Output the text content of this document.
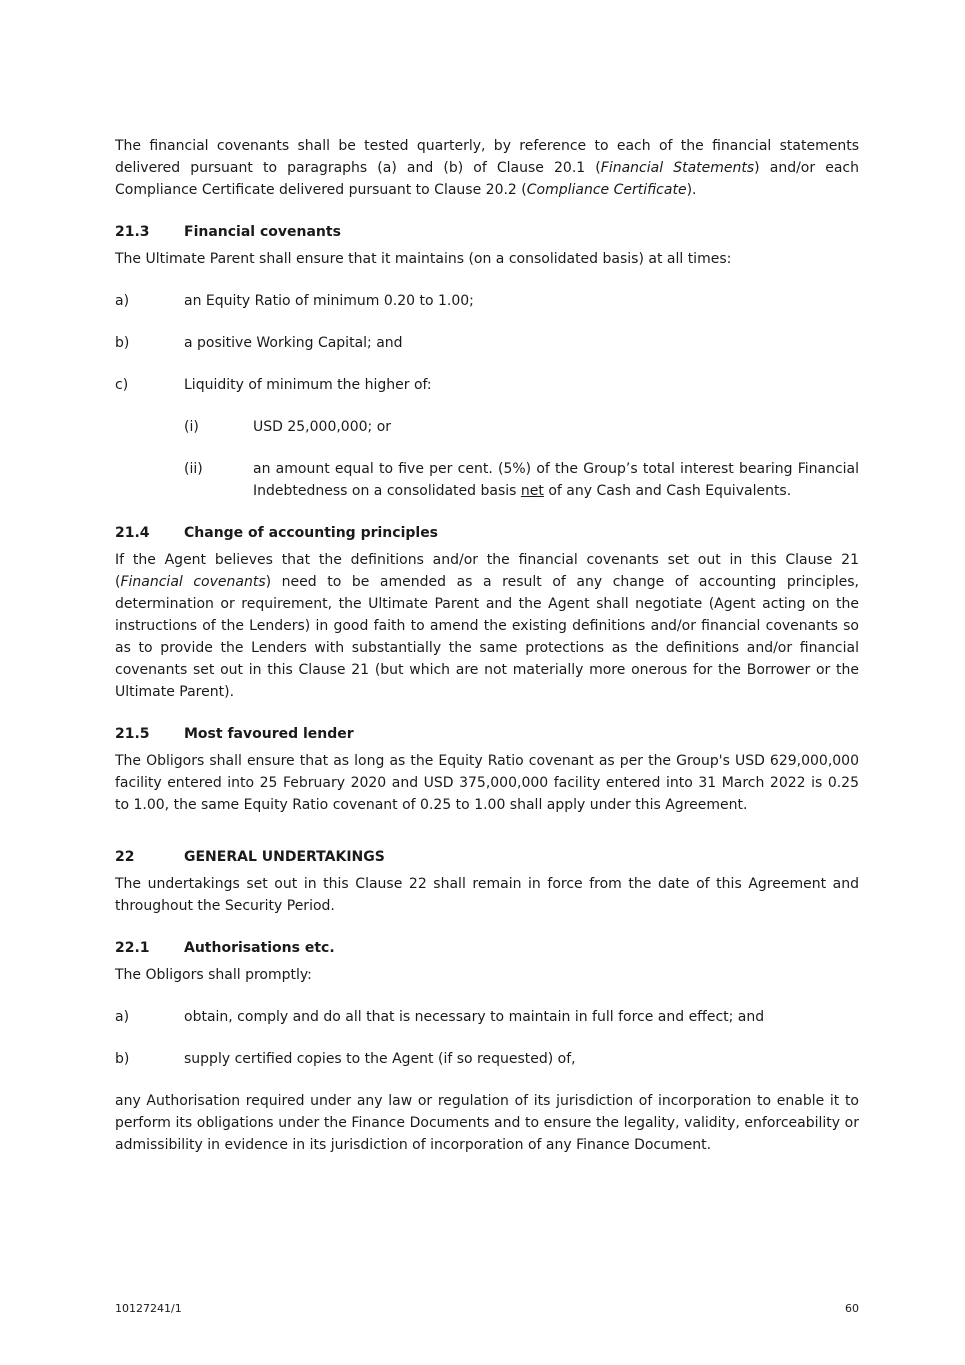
The financial covenants shall be tested quarterly, by reference to each of the financial statements delivered pursuant to paragraphs (a) and (b) of Clause 20.1 (Financial Statements) and/or each Compliance Certificate delivered pursuant to Clause 20.2 (Compliance Certificate).

21.3	Financial covenants

The Ultimate Parent shall ensure that it maintains (on a consolidated basis) at all times:

a)	an Equity Ratio of minimum 0.20 to 1.00;
b)	a positive Working Capital; and
c)	Liquidity of minimum the higher of:
(i)	USD 25,000,000; or
(ii)	an amount equal to five per cent. (5%) of the Group’s total interest bearing Financial Indebtedness on a consolidated basis net of any Cash and Cash Equivalents.
21.4	Change of accounting principles

If the Agent believes that the definitions and/or the financial covenants set out in this Clause 21 (Financial covenants) need to be amended as a result of any change of accounting principles, determination or requirement, the Ultimate Parent and the Agent shall negotiate (Agent acting on the instructions of the Lenders) in good faith to amend the existing definitions and/or financial covenants so as to provide the Lenders with substantially the same protections as the definitions and/or financial covenants set out in this Clause 21 (but which are not materially more onerous for the Borrower or the Ultimate Parent).

21.5	Most favoured lender

The Obligors shall ensure that as long as the Equity Ratio covenant as per the Group's USD 629,000,000 facility entered into 25 February 2020 and USD 375,000,000 facility entered into 31 March 2022 is 0.25 to 1.00, the same Equity Ratio covenant of 0.25 to 1.00 shall apply under this Agreement.

22	GENERAL UNDERTAKINGS

The undertakings set out in this Clause 22 shall remain in force from the date of this Agreement and throughout the Security Period.

22.1	Authorisations etc.

The Obligors shall promptly:

a)	obtain, comply and do all that is necessary to maintain in full force and effect; and
b)	supply certified copies to the Agent (if so requested) of,

any Authorisation required under any law or regulation of its jurisdiction of incorporation to enable it to perform its obligations under the Finance Documents and to ensure the legality, validity, enforceability or admissibility in evidence in its jurisdiction of incorporation of any Finance Document.

10127241/1	60
